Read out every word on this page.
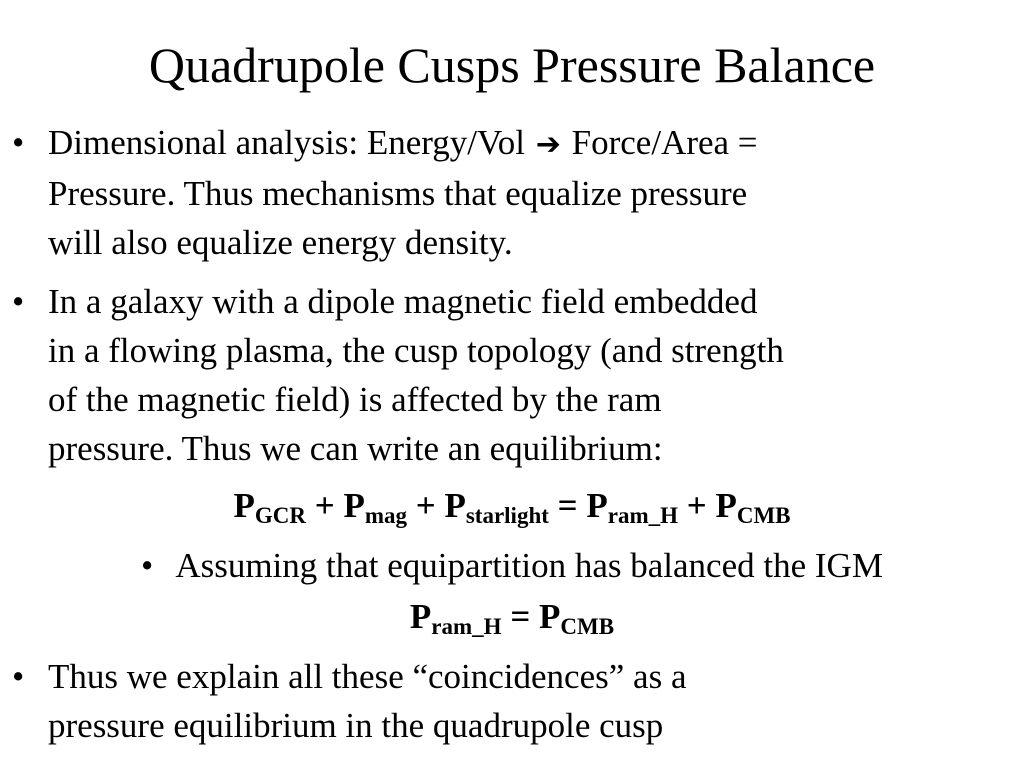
Quadrupole Cusps Pressure Balance
• Dimensional analysis: Energy/Vol ➔ Force/Area =
Pressure. Thus mechanisms that equalize pressure
will also equalize energy density.
• In a galaxy with a dipole magnetic field embedded
in a flowing plasma, the cusp topology (and strength
of the magnetic field) is affected by the ram
pressure. Thus we can write an equilibrium:
$P_{GCR} + P_{mag} + P_{starlight} = P_{ram\_H} + P_{CMB}$
• Assuming that equipartition has balanced the IGM
$P_{ram\_H} = P_{CMB}$
• Thus we explain all these “coincidences” as a
pressure equilibrium in the quadrupole cusp
